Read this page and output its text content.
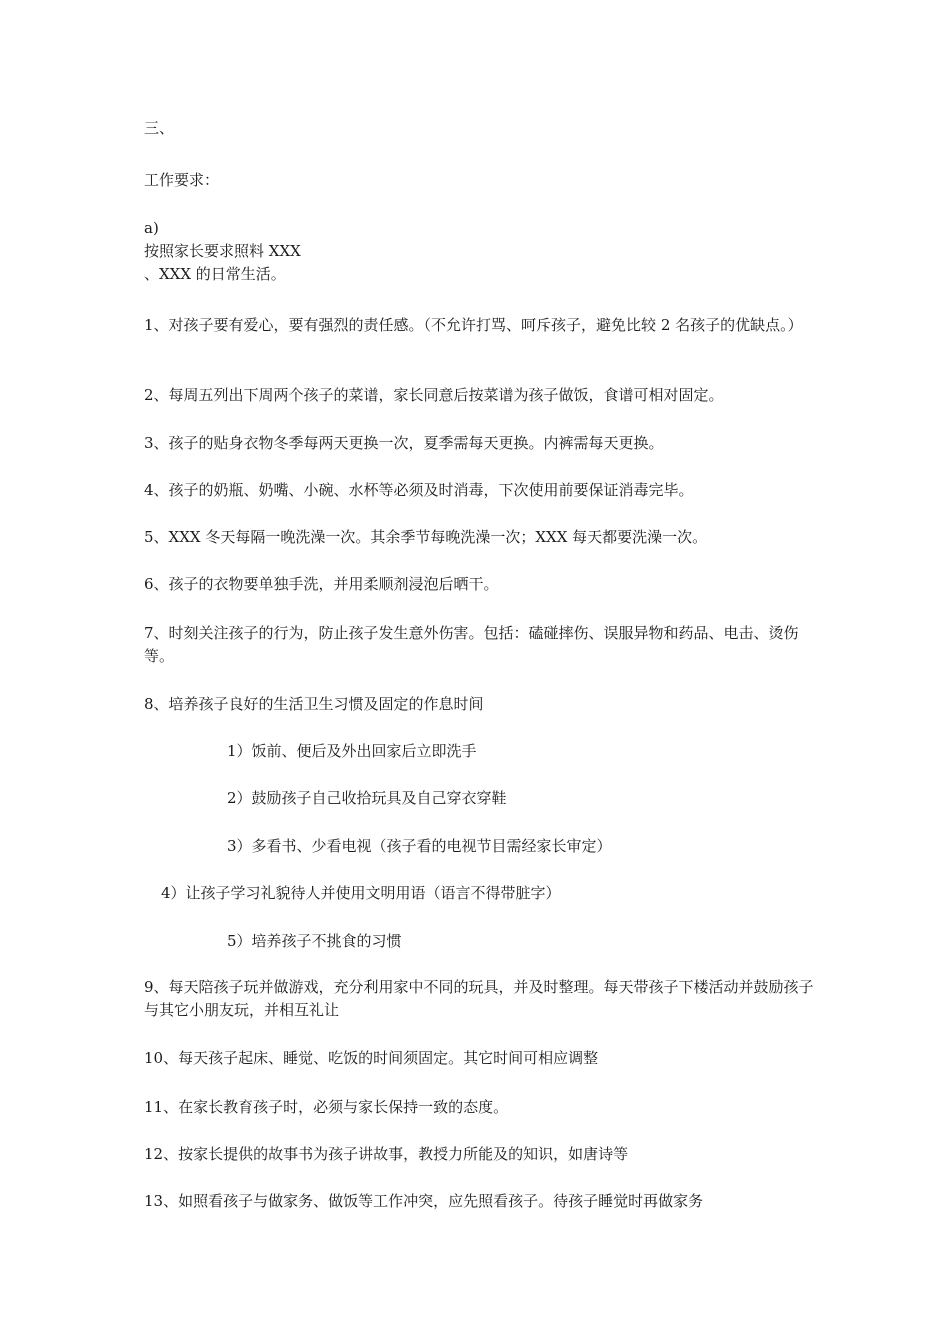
三、

工作要求：

a)

按照家长要求照料 XXX

、XXX 的日常生活。

1、对孩子要有爱心，要有强烈的责任感。（不允许打骂、呵斥孩子，避免比较 2 名孩子的优缺点。）

2、每周五列出下周两个孩子的菜谱，家长同意后按菜谱为孩子做饭，食谱可相对固定。

3、孩子的贴身衣物冬季每两天更换一次，夏季需每天更换。内裤需每天更换。

4、孩子的奶瓶、奶嘴、小碗、水杯等必须及时消毒，下次使用前要保证消毒完毕。

5、XXX 冬天每隔一晚洗澡一次。其余季节每晚洗澡一次；XXX 每天都要洗澡一次。

6、孩子的衣物要单独手洗，并用柔顺剂浸泡后晒干。

7、时刻关注孩子的行为，防止孩子发生意外伤害。包括：磕碰摔伤、误服异物和药品、电击、烫伤等。

8、培养孩子良好的生活卫生习惯及固定的作息时间

1）饭前、便后及外出回家后立即洗手

2）鼓励孩子自己收拾玩具及自己穿衣穿鞋

3）多看书、少看电视（孩子看的电视节目需经家长审定）

4）让孩子学习礼貌待人并使用文明用语（语言不得带脏字）

5）培养孩子不挑食的习惯

9、每天陪孩子玩并做游戏，充分利用家中不同的玩具，并及时整理。每天带孩子下楼活动并鼓励孩子与其它小朋友玩，并相互礼让

10、每天孩子起床、睡觉、吃饭的时间须固定。其它时间可相应调整

11、在家长教育孩子时，必须与家长保持一致的态度。

12、按家长提供的故事书为孩子讲故事，教授力所能及的知识，如唐诗等

13、如照看孩子与做家务、做饭等工作冲突，应先照看孩子。待孩子睡觉时再做家务
